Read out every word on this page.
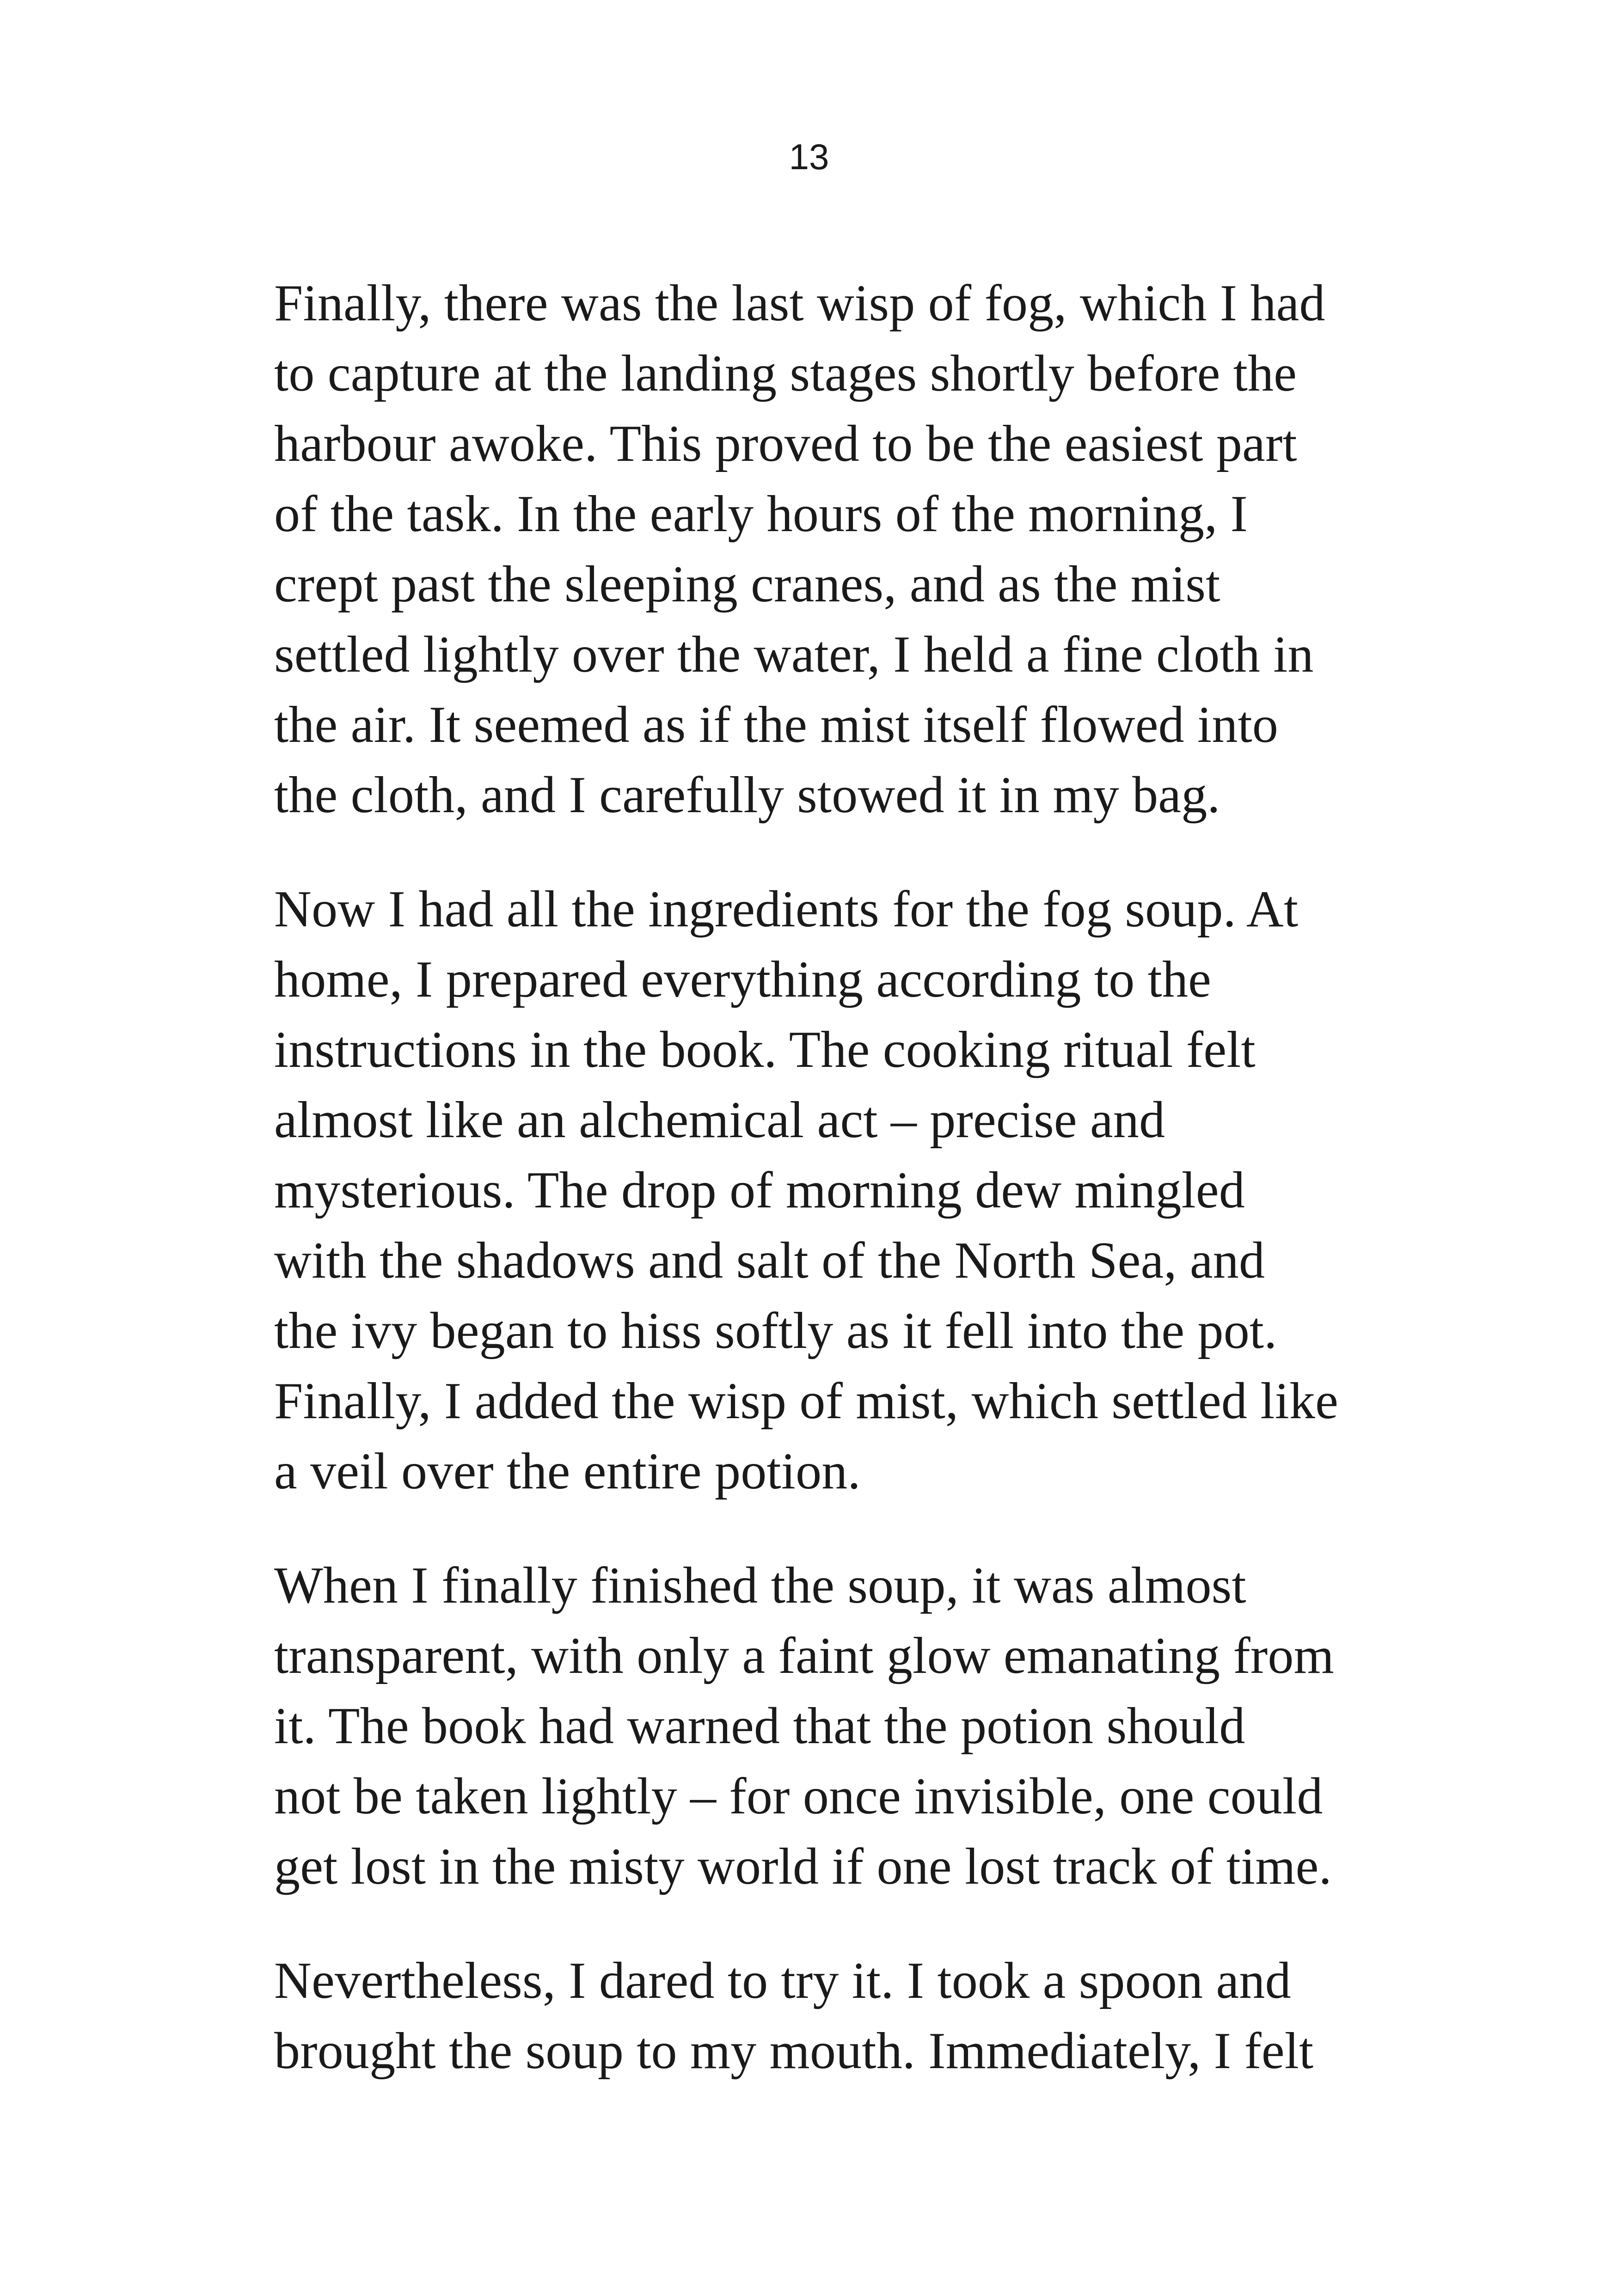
13

Finally, there was the last wisp of fog, which I had
to capture at the landing stages shortly before the
harbour awoke. This proved to be the easiest part
of the task. In the early hours of the morning, I
crept past the sleeping cranes, and as the mist
settled lightly over the water, I held a fine cloth in
the air. It seemed as if the mist itself flowed into
the cloth, and I carefully stowed it in my bag.

Now I had all the ingredients for the fog soup. At
home, I prepared everything according to the
instructions in the book. The cooking ritual felt
almost like an alchemical act – precise and
mysterious. The drop of morning dew mingled
with the shadows and salt of the North Sea, and
the ivy began to hiss softly as it fell into the pot.
Finally, I added the wisp of mist, which settled like
a veil over the entire potion.

When I finally finished the soup, it was almost
transparent, with only a faint glow emanating from
it. The book had warned that the potion should
not be taken lightly – for once invisible, one could
get lost in the misty world if one lost track of time.

Nevertheless, I dared to try it. I took a spoon and
brought the soup to my mouth. Immediately, I felt
